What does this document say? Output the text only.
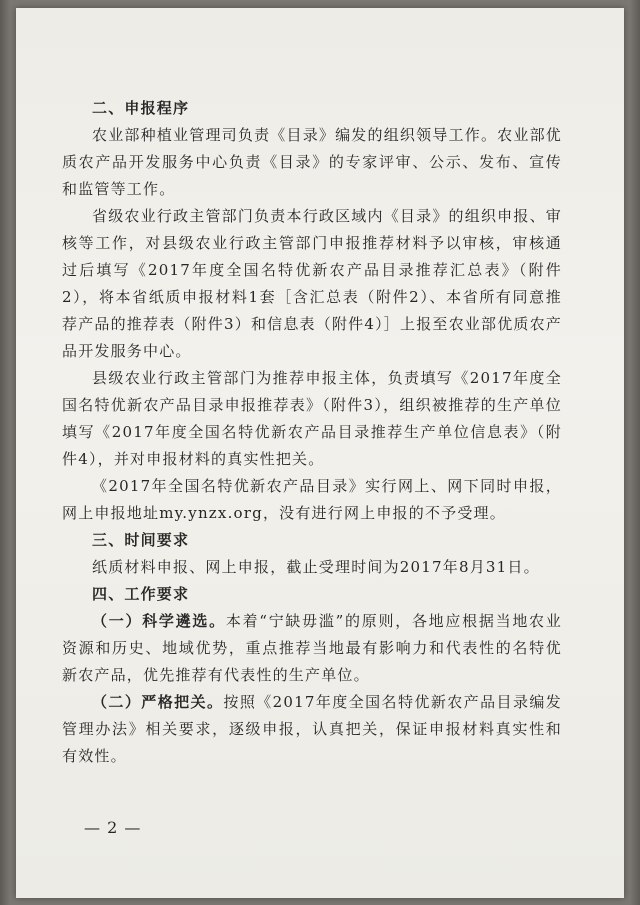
二、申报程序

农业部种植业管理司负责《目录》编发的组织领导工作。农业部优质农产品开发服务中心负责《目录》的专家评审、公示、发布、宣传和监管等工作。

省级农业行政主管部门负责本行政区域内《目录》的组织申报、审核等工作，对县级农业行政主管部门申报推荐材料予以审核，审核通过后填写《2017年度全国名特优新农产品目录推荐汇总表》（附件2），将本省纸质申报材料1套［含汇总表（附件2）、本省所有同意推荐产品的推荐表（附件3）和信息表（附件4）］上报至农业部优质农产品开发服务中心。

县级农业行政主管部门为推荐申报主体，负责填写《2017年度全国名特优新农产品目录申报推荐表》（附件3），组织被推荐的生产单位填写《2017年度全国名特优新农产品目录推荐生产单位信息表》（附件4），并对申报材料的真实性把关。

《2017年全国名特优新农产品目录》实行网上、网下同时申报，网上申报地址my.ynzx.org，没有进行网上申报的不予受理。

三、时间要求

纸质材料申报、网上申报，截止受理时间为2017年8月31日。

四、工作要求

（一）科学遴选。本着“宁缺毋滥”的原则，各地应根据当地农业资源和历史、地域优势，重点推荐当地最有影响力和代表性的名特优新农产品，优先推荐有代表性的生产单位。

（二）严格把关。按照《2017年度全国名特优新农产品目录编发管理办法》相关要求，逐级申报，认真把关，保证申报材料真实性和有效性。

— 2 —
